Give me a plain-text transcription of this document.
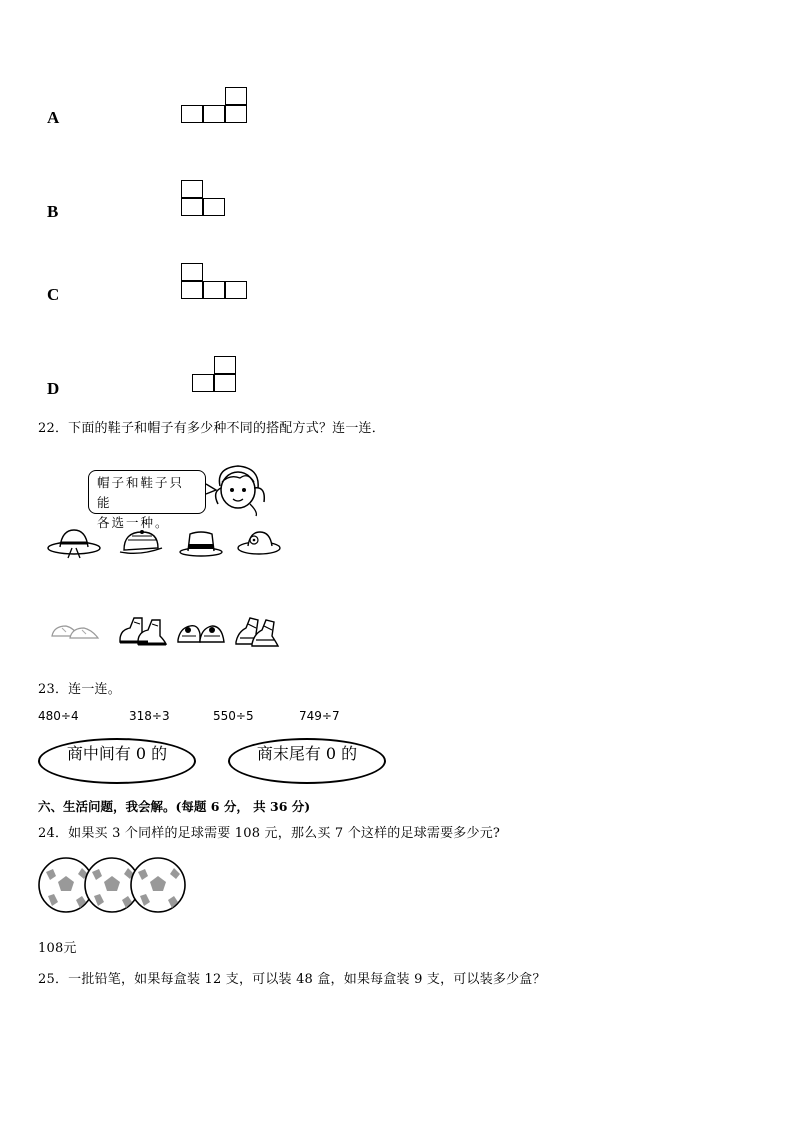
A
B
C
D
22．下面的鞋子和帽子有多少种不同的搭配方式？连一连．
帽子和鞋子只能
各选一种。
23．连一连。
480÷4	318÷3	550÷5	749÷7
商中间有 0 的	商末尾有 0 的
六、生活问题，我会解。(每题 6 分， 共 36 分)
24．如果买 3 个同样的足球需要 108 元，那么买 7 个这样的足球需要多少元?
108元
25．一批铅笔，如果每盒装 12 支，可以装 48 盒，如果每盒装 9 支，可以装多少盒？
